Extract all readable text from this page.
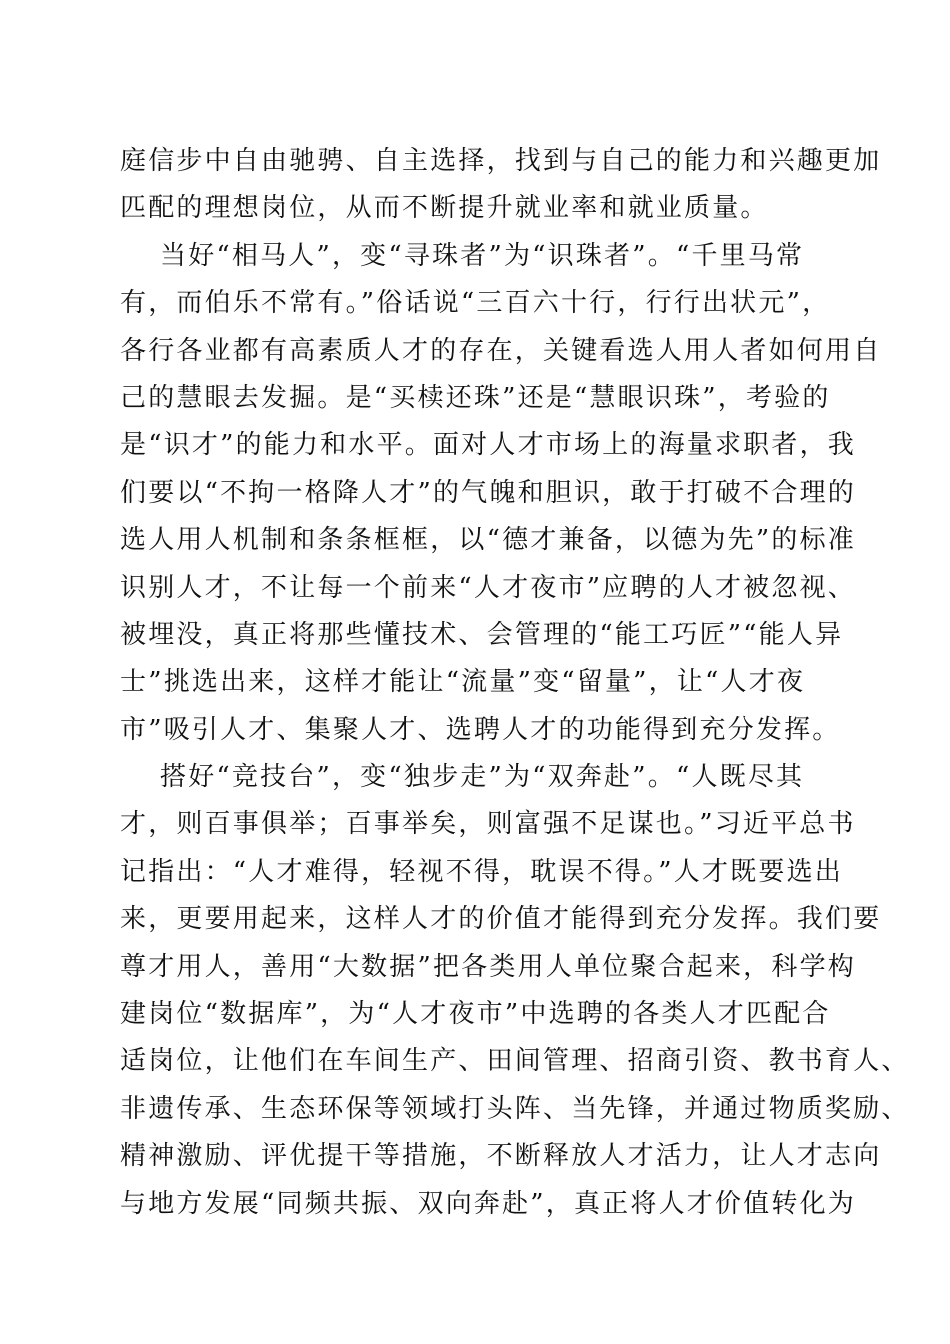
庭信步中自由驰骋、自主选择，找到与自己的能力和兴趣更加
匹配的理想岗位，从而不断提升就业率和就业质量。
当好“相马人”，变“寻珠者”为“识珠者”。“千里马常
有，而伯乐不常有。”俗话说“三百六十行，行行出状元”，
各行各业都有高素质人才的存在，关键看选人用人者如何用自
己的慧眼去发掘。是“买椟还珠”还是“慧眼识珠”，考验的
是“识才”的能力和水平。面对人才市场上的海量求职者，我
们要以“不拘一格降人才”的气魄和胆识，敢于打破不合理的
选人用人机制和条条框框，以“德才兼备，以德为先”的标准
识别人才，不让每一个前来“人才夜市”应聘的人才被忽视、
被埋没，真正将那些懂技术、会管理的“能工巧匠”“能人异
士”挑选出来，这样才能让“流量”变“留量”，让“人才夜
市”吸引人才、集聚人才、选聘人才的功能得到充分发挥。
搭好“竞技台”，变“独步走”为“双奔赴”。“人既尽其
才，则百事俱举；百事举矣，则富强不足谋也。”习近平总书
记指出：“人才难得，轻视不得，耽误不得。”人才既要选出
来，更要用起来，这样人才的价值才能得到充分发挥。我们要
尊才用人，善用“大数据”把各类用人单位聚合起来，科学构
建岗位“数据库”，为“人才夜市”中选聘的各类人才匹配合
适岗位，让他们在车间生产、田间管理、招商引资、教书育人、
非遗传承、生态环保等领域打头阵、当先锋，并通过物质奖励、
精神激励、评优提干等措施，不断释放人才活力，让人才志向
与地方发展“同频共振、双向奔赴”，真正将人才价值转化为
